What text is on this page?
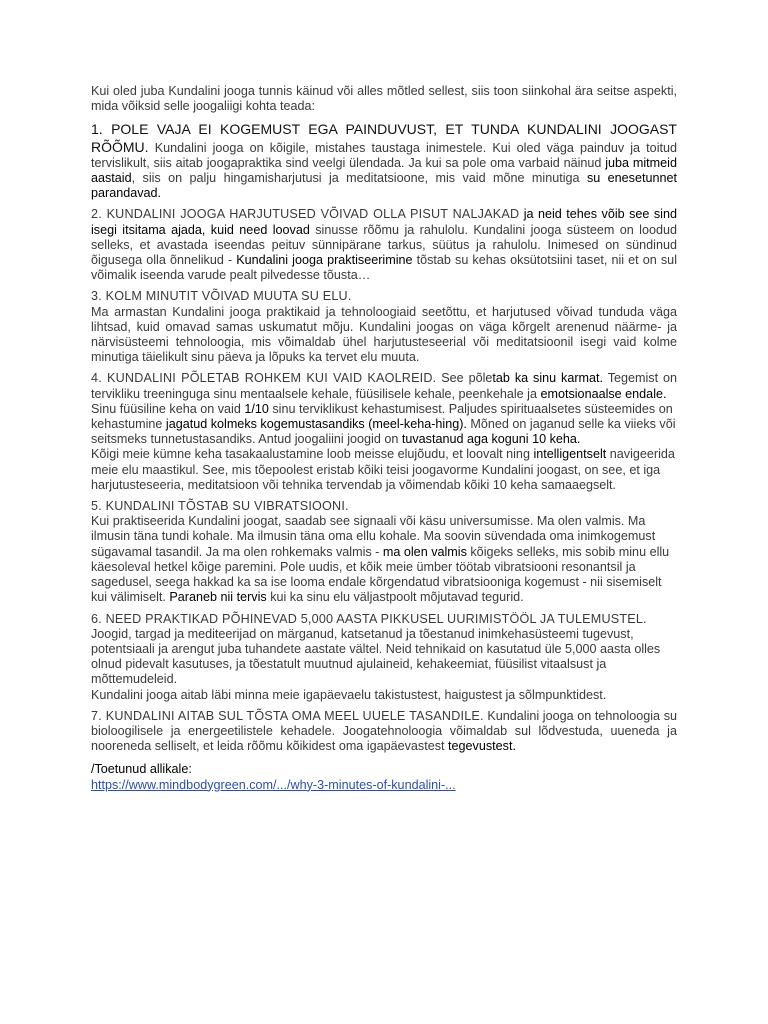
Kui oled juba Kundalini jooga tunnis käinud või alles mõtled sellest, siis toon siinkohal ära seitse aspekti, mida võiksid selle joogaliigi kohta teada:

1. POLE VAJA EI KOGEMUST EGA PAINDUVUST, ET TUNDA KUNDALINI JOOGAST RÕÕMU. Kundalini jooga on kõigile, mistahes taustaga inimestele. Kui oled väga painduv ja toitud tervislikult, siis aitab joogapraktika sind veelgi ülendada. Ja kui sa pole oma varbaid näinud juba mitmeid aastaid, siis on palju hingamisharjutusi ja meditatsioone, mis vaid mõne minutiga su enesetunnet parandavad.

2. KUNDALINI JOOGA HARJUTUSED VÕIVAD OLLA PISUT NALJAKAD ja neid tehes võib see sind isegi itsitama ajada, kuid need loovad sinusse rõõmu ja rahulolu. Kundalini jooga süsteem on loodud selleks, et avastada iseendas peituv sünnipärane tarkus, süütus ja rahulolu. Inimesed on sündinud õigusega olla õnnelikud - Kundalini jooga praktiseerimine tõstab su kehas oksütotsiini taset, nii et on sul võimalik iseenda varude pealt pilvedesse tõusta…

3. KOLM MINUTIT VÕIVAD MUUTA SU ELU.
Ma armastan Kundalini jooga praktikaid ja tehnoloogiaid seetõttu, et harjutused võivad tunduda väga lihtsad, kuid omavad samas uskumatut mõju. Kundalini joogas on väga kõrgelt arenenud näärme- ja närvisüsteemi tehnoloogia, mis võimaldab ühel harjutusteseerial või meditatsioonil isegi vaid kolme minutiga täielikult sinu päeva ja lõpuks ka tervet elu muuta.

4. KUNDALINI PÕLETAB ROHKEM KUI VAID KAOLREID. See põletab ka sinu karmat. Tegemist on tervikliku treeninguga sinu mentaalsele kehale, füüsilisele kehale, peenkehale ja emotsionaalse endale.

Sinu füüsiline keha on vaid 1/10 sinu terviklikust kehastumisest. Paljudes spirituaalsetes süsteemides on kehastumine jagatud kolmeks kogemustasandiks (meel-keha-hing). Mõned on jaganud selle ka viieks või seitsmeks tunnetustasandiks. Antud joogaliini joogid on tuvastanud aga koguni 10 keha.

Kõigi meie kümne keha tasakaalustamine loob meisse elujõudu, et loovalt ning intelligentselt navigeerida meie elu maastikul. See, mis tõepoolest eristab kõiki teisi joogavorme Kundalini joogast, on see, et iga harjutusteseeria, meditatsioon või tehnika tervendab ja võimendab kõiki 10 keha samaaegselt.

5. KUNDALINI TÕSTAB SU VIBRATSIOONI.
Kui praktiseerida Kundalini joogat, saadab see signaali või käsu universumisse. Ma olen valmis. Ma ilmusin täna tundi kohale. Ma ilmusin täna oma ellu kohale. Ma soovin süvendada oma inimkogemust sügavamal tasandil. Ja ma olen rohkemaks valmis - ma olen valmis kõigeks selleks, mis sobib minu ellu käesoleval hetkel kõige paremini. Pole uudis, et kõik meie ümber töötab vibratsiooni resonantsil ja sagedusel, seega hakkad ka sa ise looma endale kõrgendatud vibratsiooniga kogemust - nii sisemiselt kui välimiselt. Paraneb nii tervis kui ka sinu elu väljastpoolt mõjutavad tegurid.

6. NEED PRAKTIKAD PÕHINEVAD 5,000 AASTA PIKKUSEL UURIMISTÖÖL JA TULEMUSTEL. Joogid, targad ja mediteerijad on märganud, katsetanud ja tõestanud inimkehasüsteemi tugevust, potentsiaali ja arengut juba tuhandete aastate vältel. Neid tehnikaid on kasutatud üle 5,000 aasta olles olnud pidevalt kasutuses, ja tõestatult muutnud ajulaineid, kehakeemiat, füüsilist vitaalsust ja mõttemudeleid.

Kundalini jooga aitab läbi minna meie igapäevaelu takistustest, haigustest ja sõlmpunktidest.

7. KUNDALINI AITAB SUL TÕSTA OMA MEEL UUELE TASANDILE. Kundalini jooga on tehnoloogia su bioloogilisele ja energeetilistele kehadele. Joogatehnoloogia võimaldab sul lõdvestuda, uueneda ja nooreneda selliselt, et leida rõõmu kõikidest oma igapäevastest tegevustest.

/Toetunud allikale:

https://www.mindbodygreen.com/.../why-3-minutes-of-kundalini-...
